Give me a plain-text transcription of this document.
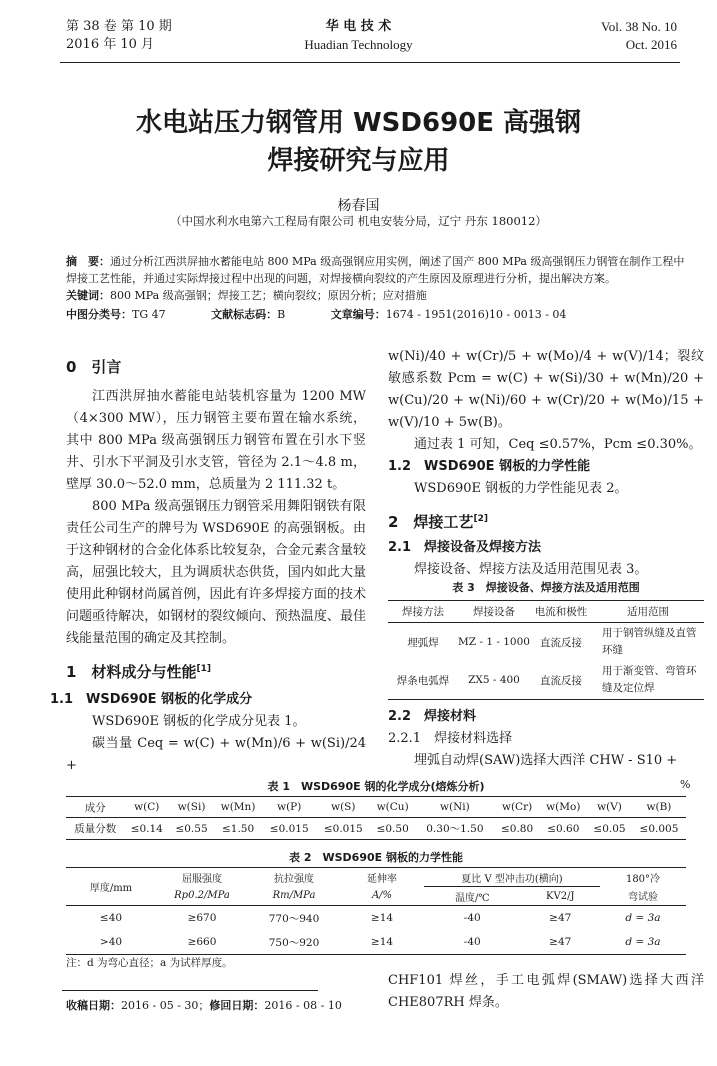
第 38 卷 第 10 期
2016 年 10 月
华 电 技 术
Huadian Technology
Vol. 38 No. 10
Oct. 2016
水电站压力钢管用 WSD690E 高强钢
焊接研究与应用
杨春国
（中国水利水电第六工程局有限公司 机电安装分局，辽宁 丹东 180012）
摘　要：通过分析江西洪屏抽水蓄能电站 800 MPa 级高强钢应用实例，阐述了国产 800 MPa 级高强钢压力钢管在制作工程中焊接工艺性能，并通过实际焊接过程中出现的问题，对焊接横向裂纹的产生原因及原理进行分析，提出解决方案。
关键词：800 MPa 级高强钢；焊接工艺；横向裂纹；原因分析；应对措施
中图分类号：TG 47	文献标志码：B	文章编号：1674 - 1951(2016)10 - 0013 - 04
0　引言

江西洪屏抽水蓄能电站装机容量为 1200 MW（4×300 MW），压力钢管主要布置在输水系统，其中 800 MPa 级高强钢压力钢管布置在引水下竖井、引水下平洞及引水支管，管径为 2.1～4.8 m，壁厚 30.0～52.0 mm，总质量为 2 111.32 t。

800 MPa 级高强钢压力钢管采用舞阳钢铁有限责任公司生产的牌号为 WSD690E 的高强钢板。由于这种钢材的合金化体系比较复杂，合金元素含量较高，屈强比较大，且为调质状态供货，国内如此大量使用此种钢材尚属首例，因此有许多焊接方面的技术问题亟待解决，如钢材的裂纹倾向、预热温度、最佳线能量范围的确定及其控制。

1　材料成分与性能[1]
1.1　WSD690E 钢板的化学成分

WSD690E 钢板的化学成分见表 1。

碳当量 Ceq = w(C) + w(Mn)/6 + w(Si)/24 +

w(Ni)/40 + w(Cr)/5 + w(Mo)/4 + w(V)/14；裂纹敏感系数 Pcm = w(C) + w(Si)/30 + w(Mn)/20 + w(Cu)/20 + w(Ni)/60 + w(Cr)/20 + w(Mo)/15 + w(V)/10 + 5w(B)。

通过表 1 可知，Ceq ≤0.57%，Pcm ≤0.30%。

1.2　WSD690E 钢板的力学性能

WSD690E 钢板的力学性能见表 2。

2　焊接工艺[2]
2.1　焊接设备及焊接方法

焊接设备、焊接方法及适用范围见表 3。

表 3　焊接设备、焊接方法及适用范围
焊接方法	焊接设备	电流和极性	适用范围
埋弧焊	MZ - 1 - 1000	直流反接	用于钢管纵缝及直管环缝
焊条电弧焊	ZX5 - 400	直流反接	用于渐变管、弯管环缝及定位焊
2.2　焊接材料
2.2.1　焊接材料选择

埋弧自动焊(SAW)选择大西洋 CHW - S10 +

表 1　WSD690E 钢的化学成分(熔炼分析)	%
成分	w(C)	w(Si)	w(Mn)	w(P)	w(S)	w(Cu)	w(Ni)	w(Cr)	w(Mo)	w(V)	w(B)
质量分数	≤0.14	≤0.55	≤1.50	≤0.015	≤0.015	≤0.50	0.30～1.50	≤0.80	≤0.60	≤0.05	≤0.005
表 2　WSD690E 钢板的力学性能
厚度/mm	屈服强度	抗拉强度	延伸率	夏比 V 型冲击功(横向)		180°冷
	Rp0.2/MPa	Rm/MPa	A/%	温度/℃	KV2/J	弯试验
≤40	≥670	770～940	≥14	-40	≥47	d = 3a
>40	≥660	750～920	≥14	-40	≥47	d = 3a
注：d 为弯心直径；a 为试样厚度。
收稿日期：2016 - 05 - 30；修回日期：2016 - 08 - 10

CHF101 焊丝，手工电弧焊(SMAW)选择大西洋 CHE807RH 焊条。
